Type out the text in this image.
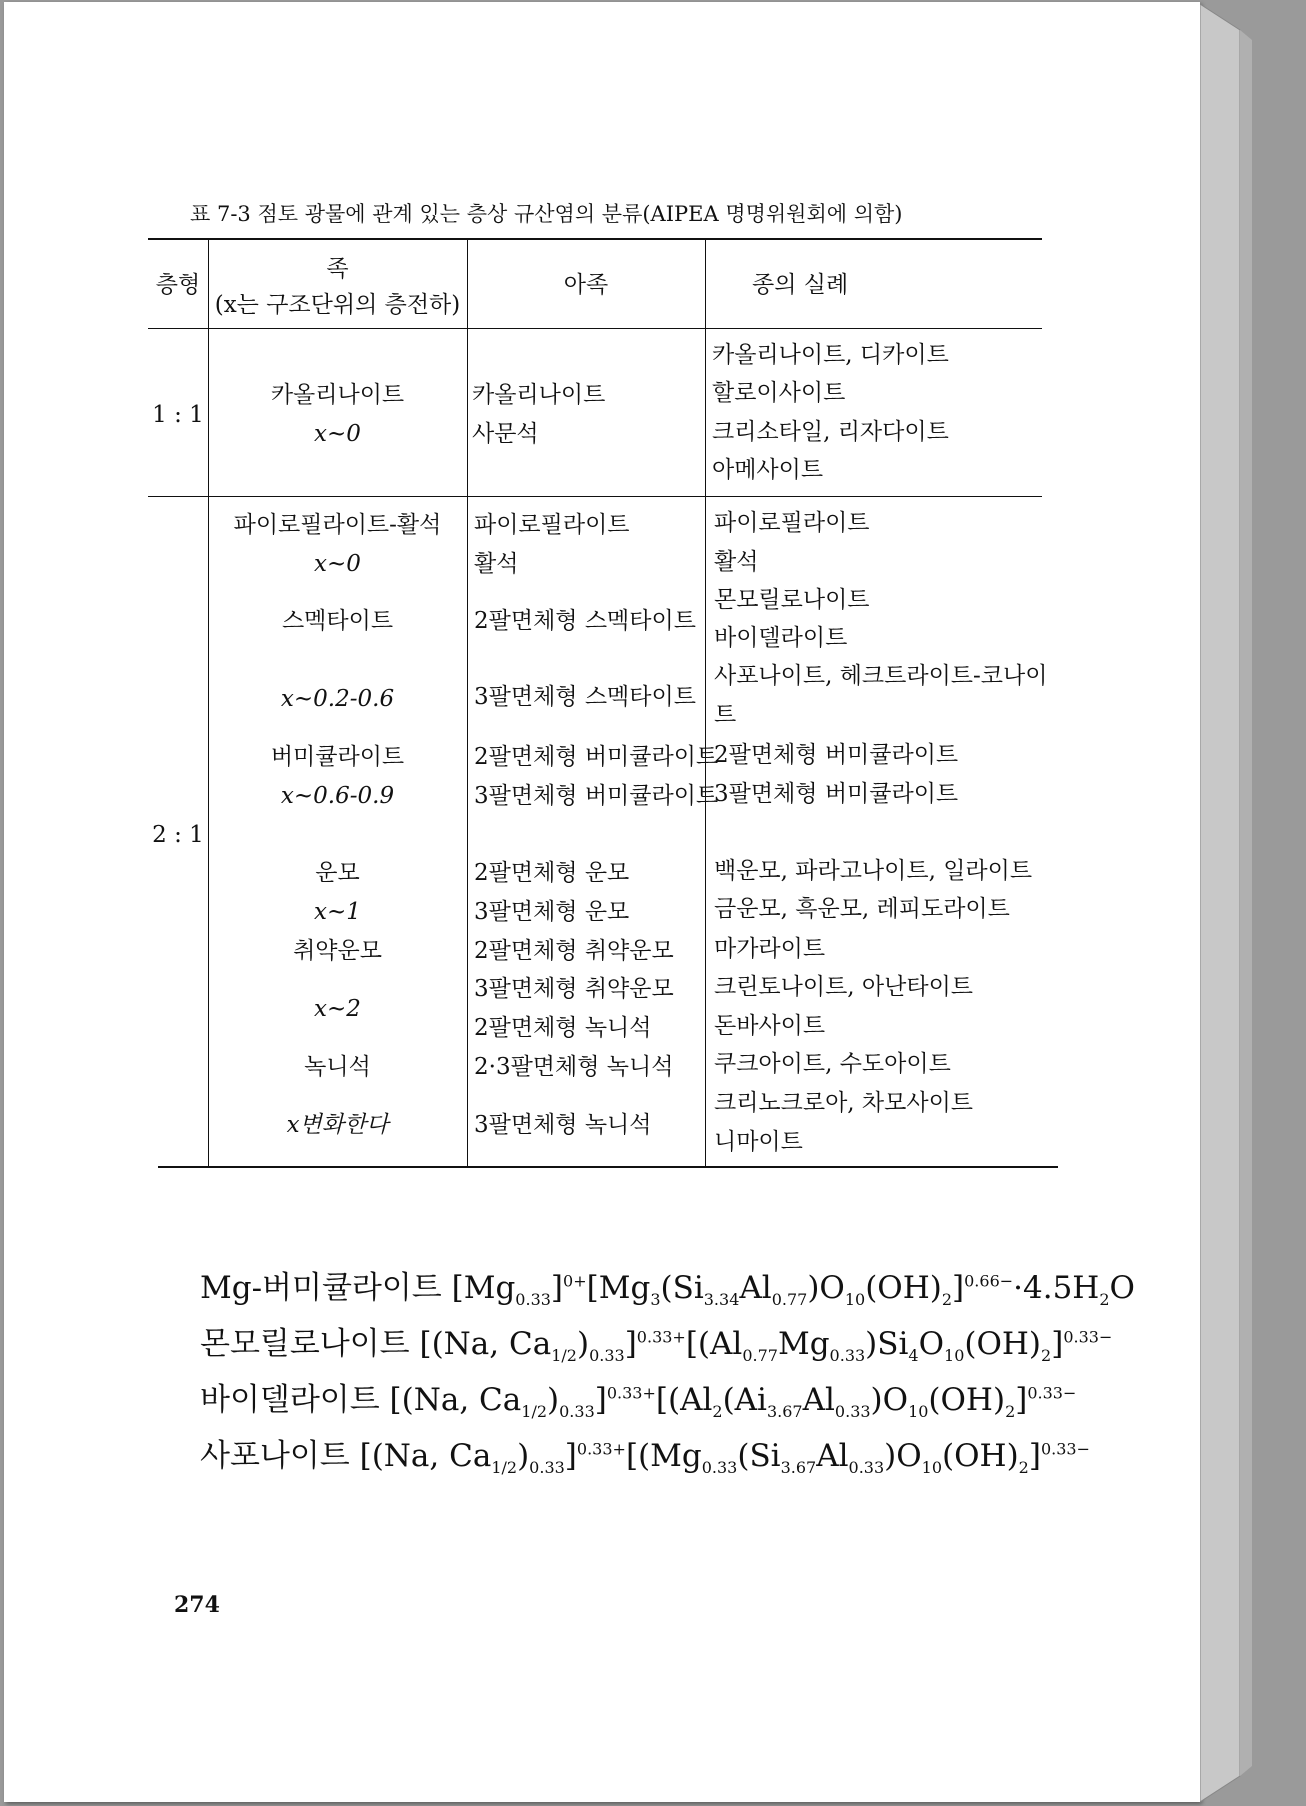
표 7-3 점토 광물에 관계 있는 층상 규산염의 분류(AIPEA 명명위원회에 의함)
층형
족
(x는 구조단위의 층전하)
아족	종의 실례
1 : 1
카올리나이트
x~0
카올리나이트
사문석
카올리나이트, 디카이트
할로이사이트
크리소타일, 리자다이트
아메사이트
2 : 1
파이로필라이트-활석
x~0
스멕타이트
x~0.2-0.6
버미큘라이트
x~0.6-0.9
운모
x~1
취약운모
x~2
녹니석
x변화한다
파이로필라이트
활석
2팔면체형 스멕타이트
3팔면체형 스멕타이트
2팔면체형 버미큘라이트
3팔면체형 버미큘라이트
2팔면체형 운모
3팔면체형 운모
2팔면체형 취약운모
3팔면체형 취약운모
2팔면체형 녹니석
2·3팔면체형 녹니석
3팔면체형 녹니석
파이로필라이트
활석
몬모릴로나이트
바이델라이트
사포나이트, 헤크트라이트-코나이
트
2팔면체형 버미큘라이트
3팔면체형 버미큘라이트
백운모, 파라고나이트, 일라이트
금운모, 흑운모, 레피도라이트
마가라이트
크린토나이트, 아난타이트
돈바사이트
쿠크아이트, 수도아이트
크리노크로아, 차모사이트
니마이트
Mg-버미큘라이트 $[Mg_{0.33}]^{0+}[Mg_3(Si_{3.34}Al_{0.77})O_{10}(OH)_2]^{0.66-}\cdot 4.5H_2O$
몬모릴로나이트 [(Na, $Ca_{1/2})_{0.33}]^{0.33+}[(Al_{0.77}Mg_{0.33})Si_4O_{10}(OH)_2]^{0.33-}$
바이델라이트 [(Na, $Ca_{1/2})_{0.33}]^{0.33+}[(Al_2(Ai_{3.67}Al_{0.33})O_{10}(OH)_2]^{0.33-}$
사포나이트 [(Na, $Ca_{1/2})_{0.33}]^{0.33+}[(Mg_{0.33}(Si_{3.67}Al_{0.33})O_{10}(OH)_2]^{0.33-}$
274
